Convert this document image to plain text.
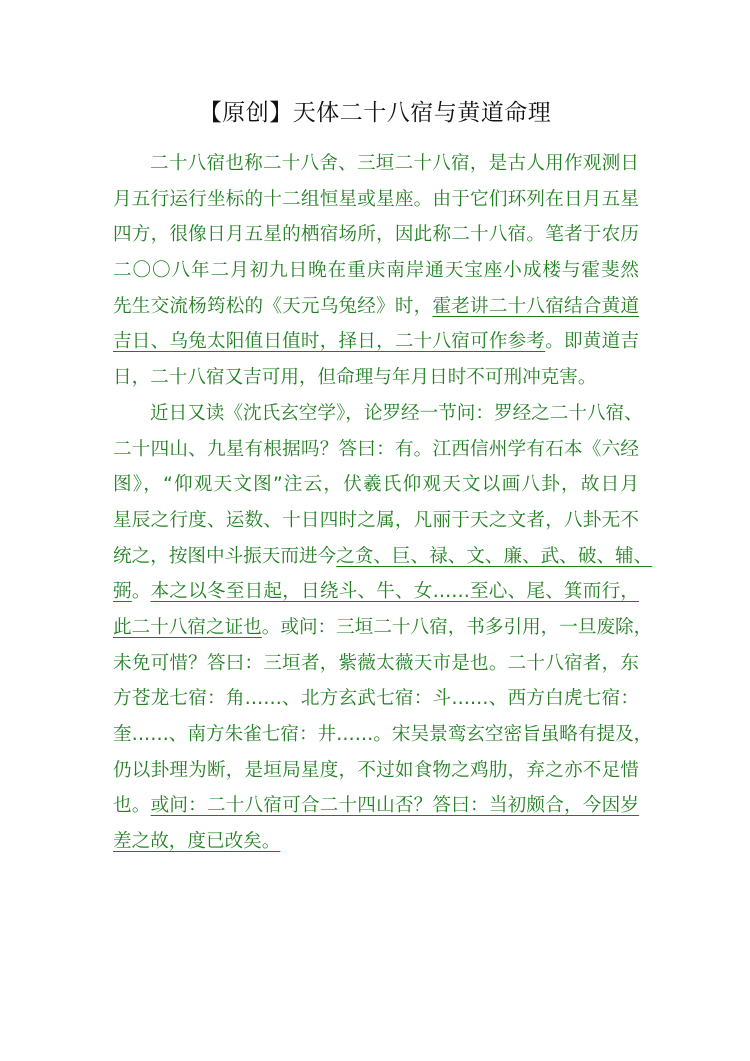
【原创】天体二十八宿与黄道命理
二十八宿也称二十八舍、三垣二十八宿，是古人用作观测日
月五行运行坐标的十二组恒星或星座。由于它们环列在日月五星
四方，很像日月五星的栖宿场所，因此称二十八宿。笔者于农历
二〇〇八年二月初九日晚在重庆南岸通天宝座小成楼与霍斐然
先生交流杨筠松的《天元乌兔经》时，霍老讲二十八宿结合黄道
吉日、乌兔太阳值日值时，择日，二十八宿可作参考。即黄道吉
日，二十八宿又吉可用，但命理与年月日时不可刑冲克害。
近日又读《沈氏玄空学》，论罗经一节问：罗经之二十八宿、
二十四山、九星有根据吗？答曰：有。江西信州学有石本《六经
图》，“仰观天文图”注云，伏羲氏仰观天文以画八卦，故日月
星辰之行度、运数、十日四时之属，凡丽于天之文者，八卦无不
统之，按图中斗振天而进今之贪、巨、禄、文、廉、武、破、辅、
弼。本之以冬至日起，日绕斗、牛、女……至心、尾、箕而行，
此二十八宿之证也。或问：三垣二十八宿，书多引用，一旦废除，
未免可惜？答曰：三垣者，紫薇太薇天市是也。二十八宿者，东
方苍龙七宿：角……、北方玄武七宿：斗……、西方白虎七宿：
奎……、南方朱雀七宿：井……。宋吴景鸾玄空密旨虽略有提及，
仍以卦理为断，是垣局星度，不过如食物之鸡肋，弃之亦不足惜
也。或问：二十八宿可合二十四山否？答曰：当初颇合，今因岁
差之故，度已改矣。
